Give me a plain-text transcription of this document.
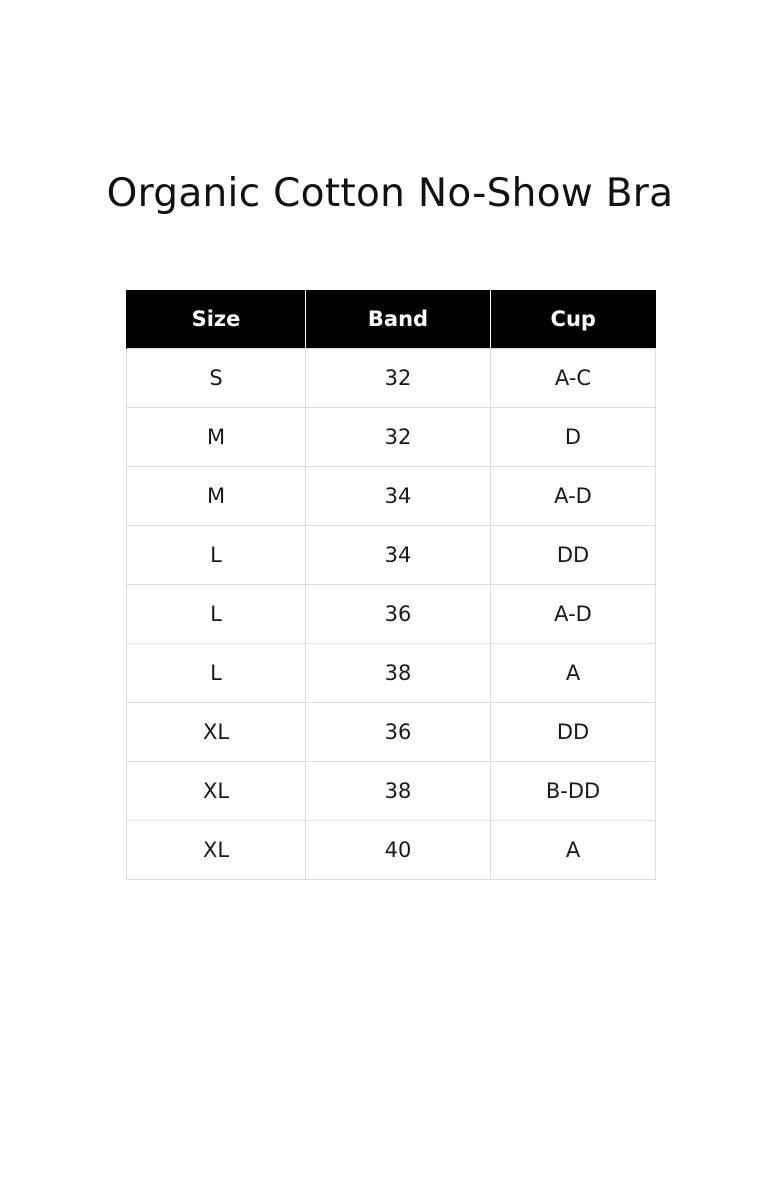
Organic Cotton No-Show Bra
Size	Band	Cup
S	32	A-C
M	32	D
M	34	A-D
L	34	DD
L	36	A-D
L	38	A
XL	36	DD
XL	38	B-DD
XL	40	A
